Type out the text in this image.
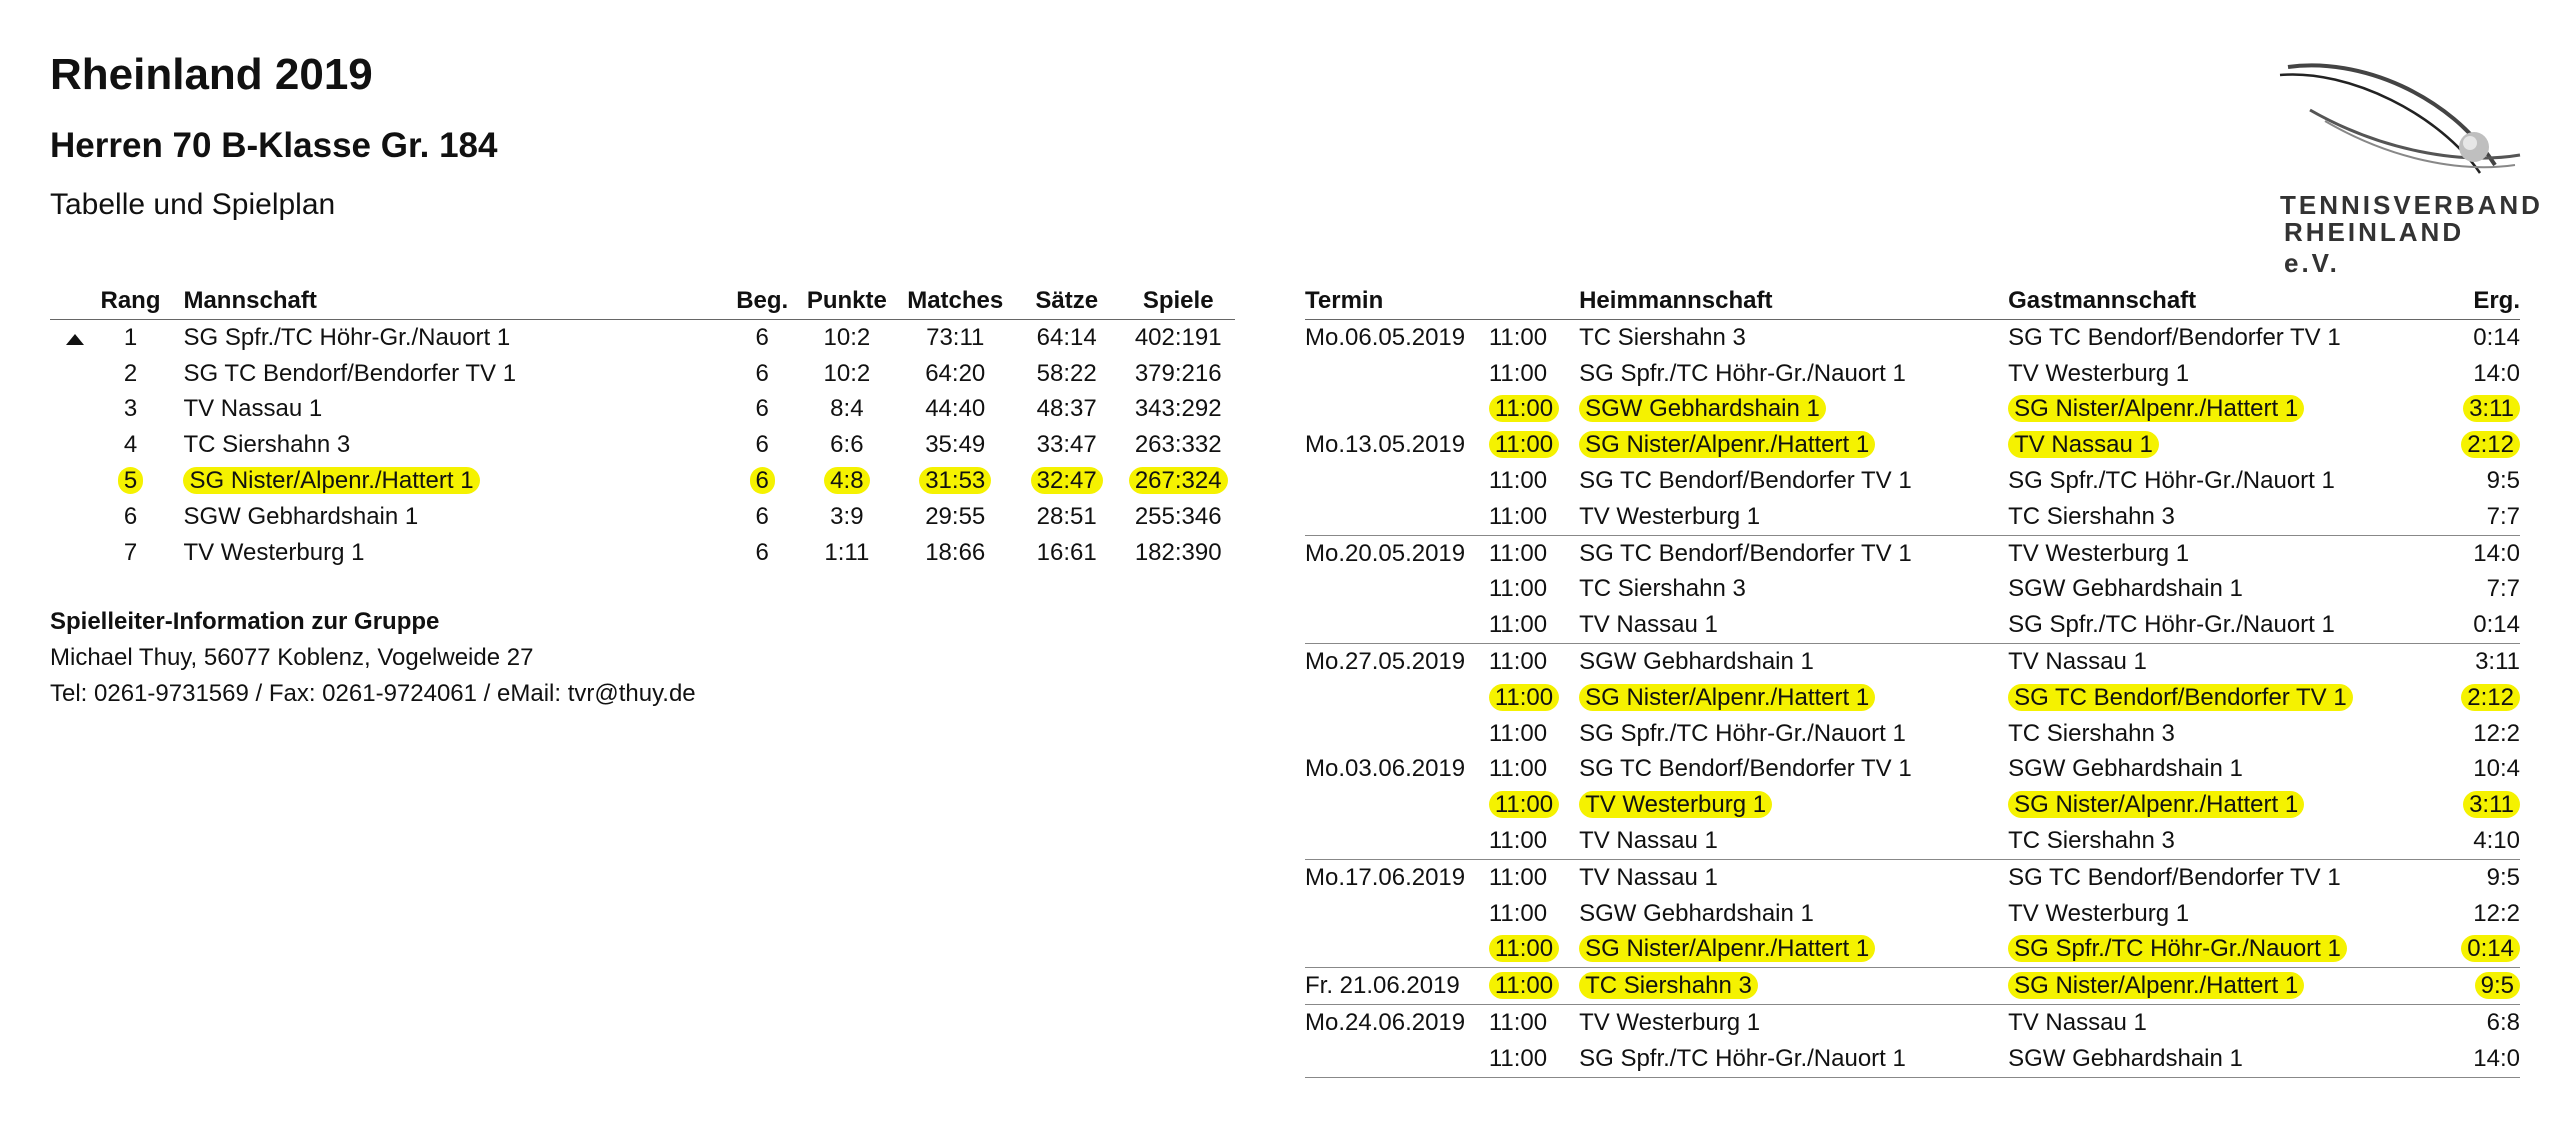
Rheinland 2019
Herren 70 B-Klasse Gr. 184
Tabelle und Spielplan	TENNISVERBAND
RHEINLAND e.V.
	Rang	Mannschaft	Beg.	Punkte	Matches	Sätze	Spiele
	1	SG Spfr./TC Höhr-Gr./Nauort 1	6	10:2	73:11	64:14	402:191
	2	SG TC Bendorf/Bendorfer TV 1	6	10:2	64:20	58:22	379:216
	3	TV Nassau 1	6	8:4	44:40	48:37	343:292
	4	TC Siershahn 3	6	6:6	35:49	33:47	263:332
	5	SG Nister/Alpenr./Hattert 1	6	4:8	31:53	32:47	267:324
	6	SGW Gebhardshain 1	6	3:9	29:55	28:51	255:346
	7	TV Westerburg 1	6	1:11	18:66	16:61	182:390
Spielleiter-Information zur Gruppe
Michael Thuy, 56077 Koblenz, Vogelweide 27
Tel: 0261-9731569 / Fax: 0261-9724061 / eMail: tvr@thuy.de
Termin		Heimmannschaft	Gastmannschaft	Erg.
Mo.06.05.2019	11:00	TC Siershahn 3	SG TC Bendorf/Bendorfer TV 1	0:14
	11:00	SG Spfr./TC Höhr-Gr./Nauort 1	TV Westerburg 1	14:0
	11:00	SGW Gebhardshain 1	SG Nister/Alpenr./Hattert 1	3:11
Mo.13.05.2019	11:00	SG Nister/Alpenr./Hattert 1	TV Nassau 1	2:12
	11:00	SG TC Bendorf/Bendorfer TV 1	SG Spfr./TC Höhr-Gr./Nauort 1	9:5
	11:00	TV Westerburg 1	TC Siershahn 3	7:7
Mo.20.05.2019	11:00	SG TC Bendorf/Bendorfer TV 1	TV Westerburg 1	14:0
	11:00	TC Siershahn 3	SGW Gebhardshain 1	7:7
	11:00	TV Nassau 1	SG Spfr./TC Höhr-Gr./Nauort 1	0:14
Mo.27.05.2019	11:00	SGW Gebhardshain 1	TV Nassau 1	3:11
	11:00	SG Nister/Alpenr./Hattert 1	SG TC Bendorf/Bendorfer TV 1	2:12
	11:00	SG Spfr./TC Höhr-Gr./Nauort 1	TC Siershahn 3	12:2
Mo.03.06.2019	11:00	SG TC Bendorf/Bendorfer TV 1	SGW Gebhardshain 1	10:4
	11:00	TV Westerburg 1	SG Nister/Alpenr./Hattert 1	3:11
	11:00	TV Nassau 1	TC Siershahn 3	4:10
Mo.17.06.2019	11:00	TV Nassau 1	SG TC Bendorf/Bendorfer TV 1	9:5
	11:00	SGW Gebhardshain 1	TV Westerburg 1	12:2
	11:00	SG Nister/Alpenr./Hattert 1	SG Spfr./TC Höhr-Gr./Nauort 1	0:14
Fr. 21.06.2019	11:00	TC Siershahn 3	SG Nister/Alpenr./Hattert 1	9:5
Mo.24.06.2019	11:00	TV Westerburg 1	TV Nassau 1	6:8
	11:00	SG Spfr./TC Höhr-Gr./Nauort 1	SGW Gebhardshain 1	14:0
